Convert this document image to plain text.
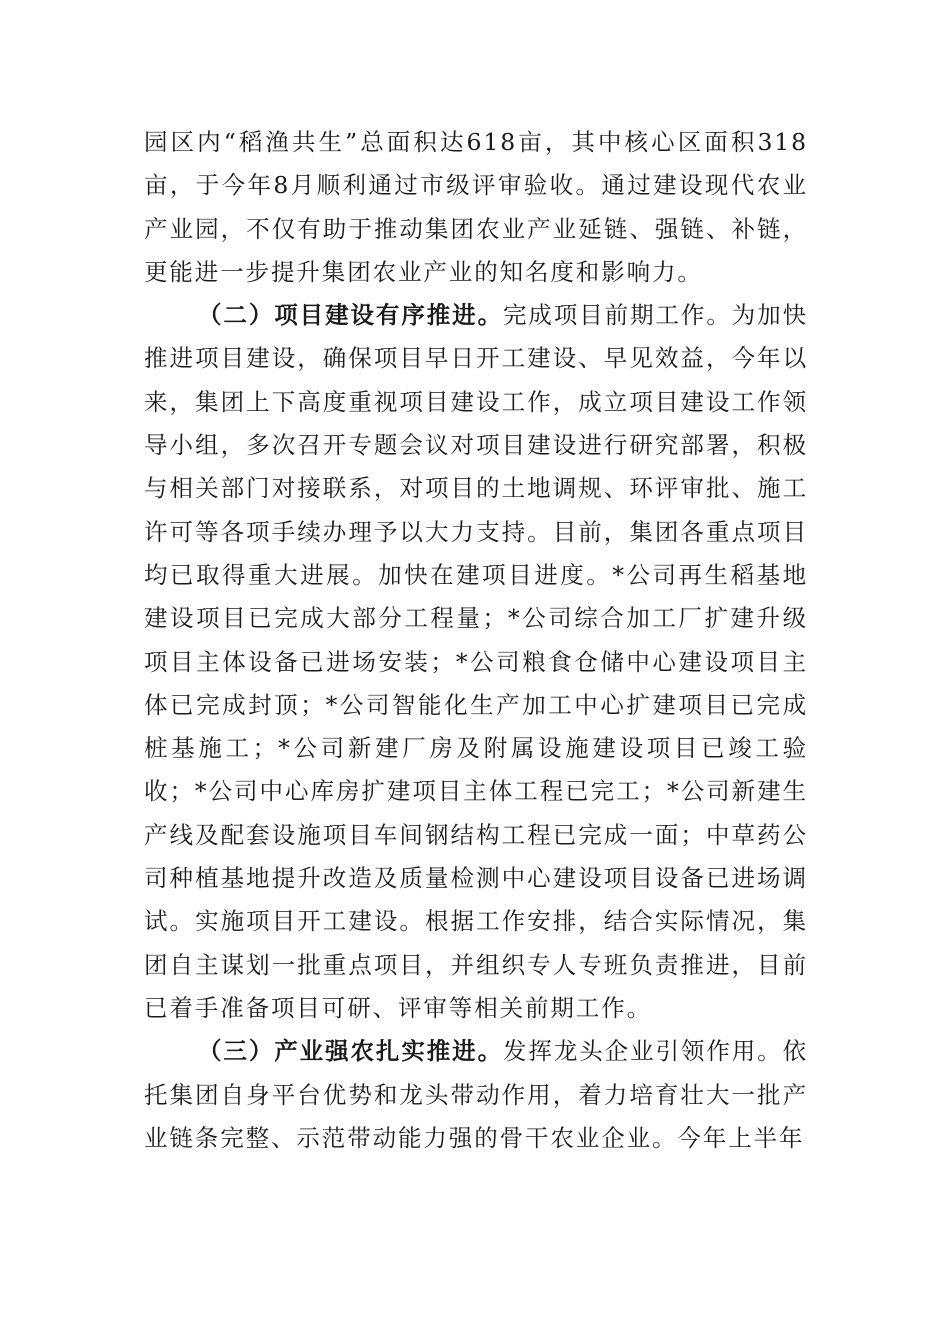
园区内“稻渔共生”总面积达618亩，其中核心区面积318亩，于今年8月顺利通过市级评审验收。通过建设现代农业产业园，不仅有助于推动集团农业产业延链、强链、补链，更能进一步提升集团农业产业的知名度和影响力。

（二）项目建设有序推进。完成项目前期工作。为加快推进项目建设，确保项目早日开工建设、早见效益，今年以来，集团上下高度重视项目建设工作，成立项目建设工作领导小组，多次召开专题会议对项目建设进行研究部署，积极与相关部门对接联系，对项目的土地调规、环评审批、施工许可等各项手续办理予以大力支持。目前，集团各重点项目均已取得重大进展。加快在建项目进度。*公司再生稻基地建设项目已完成大部分工程量；*公司综合加工厂扩建升级项目主体设备已进场安装；*公司粮食仓储中心建设项目主体已完成封顶；*公司智能化生产加工中心扩建项目已完成桩基施工；*公司新建厂房及附属设施建设项目已竣工验收；*公司中心库房扩建项目主体工程已完工；*公司新建生产线及配套设施项目车间钢结构工程已完成一面；中草药公司种植基地提升改造及质量检测中心建设项目设备已进场调试。实施项目开工建设。根据工作安排，结合实际情况，集团自主谋划一批重点项目，并组织专人专班负责推进，目前已着手准备项目可研、评审等相关前期工作。

（三）产业强农扎实推进。发挥龙头企业引领作用。依托集团自身平台优势和龙头带动作用，着力培育壮大一批产业链条完整、示范带动能力强的骨干农业企业。今年上半年
